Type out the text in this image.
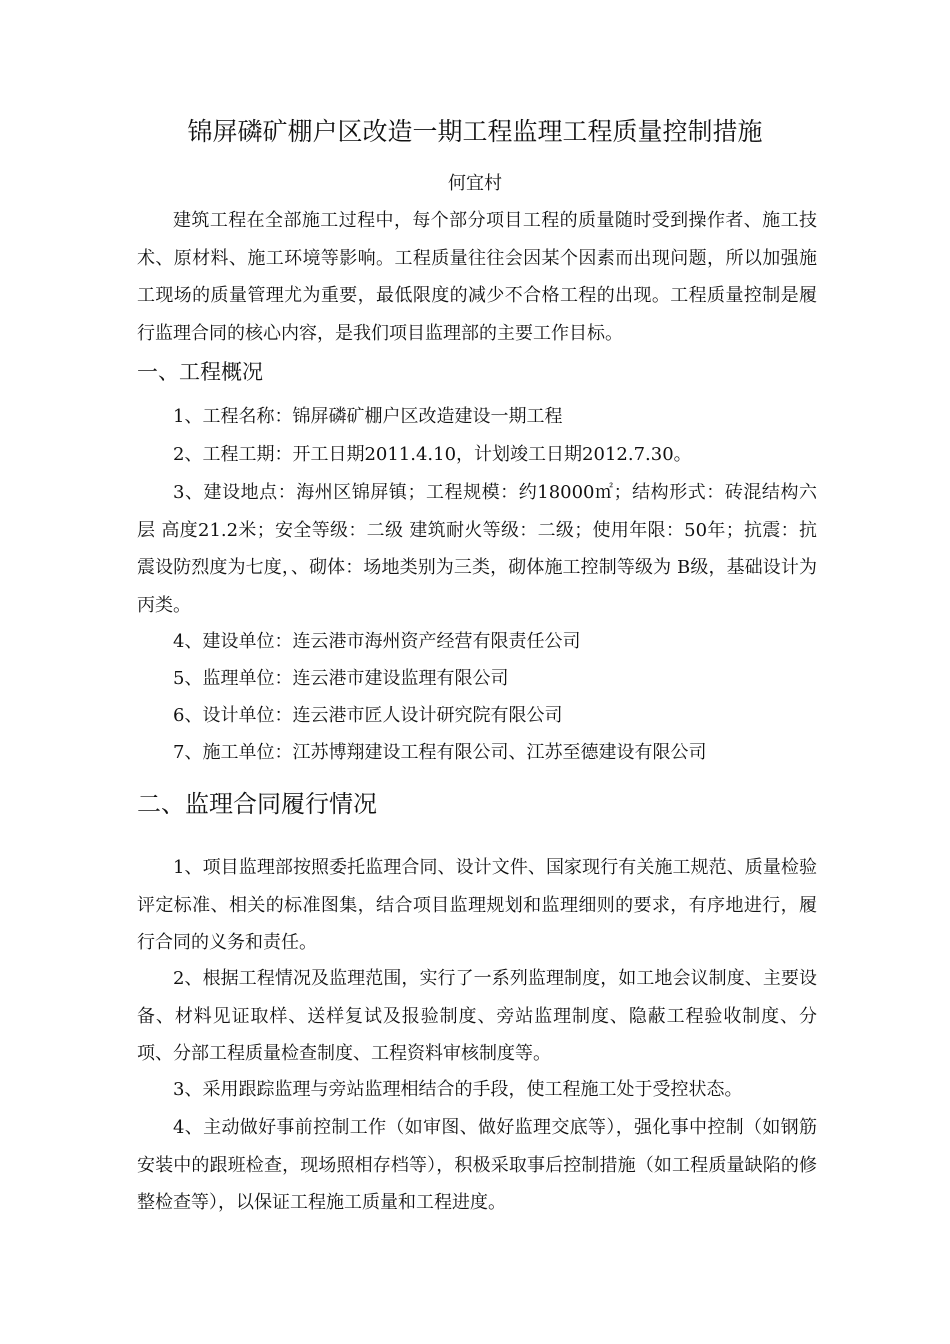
锦屏磷矿棚户区改造一期工程监理工程质量控制措施
何宜村

建筑工程在全部施工过程中，每个部分项目工程的质量随时受到操作者、施工技术、原材料、施工环境等影响。工程质量往往会因某个因素而出现问题，所以加强施工现场的质量管理尤为重要，最低限度的减少不合格工程的出现。工程质量控制是履行监理合同的核心内容，是我们项目监理部的主要工作目标。

一、工程概况

1、工程名称：锦屏磷矿棚户区改造建设一期工程

2、工程工期：开工日期2011.4.10，计划竣工日期2012.7.30。

3、建设地点：海州区锦屏镇；工程规模：约18000㎡；结构形式：砖混结构六层 高度21.2米；安全等级：二级 建筑耐火等级：二级；使用年限：50年；抗震：抗震设防烈度为七度，、砌体：场地类别为三类，砌体施工控制等级为 B级，基础设计为丙类。

4、建设单位：连云港市海州资产经营有限责任公司

5、监理单位：连云港市建设监理有限公司

6、设计单位：连云港市匠人设计研究院有限公司

7、施工单位：江苏博翔建设工程有限公司、江苏至德建设有限公司

二、监理合同履行情况

1、项目监理部按照委托监理合同、设计文件、国家现行有关施工规范、质量检验评定标准、相关的标准图集，结合项目监理规划和监理细则的要求，有序地进行，履行合同的义务和责任。

2、根据工程情况及监理范围，实行了一系列监理制度，如工地会议制度、主要设备、材料见证取样、送样复试及报验制度、旁站监理制度、隐蔽工程验收制度、分项、分部工程质量检查制度、工程资料审核制度等。

3、采用跟踪监理与旁站监理相结合的手段，使工程施工处于受控状态。

4、主动做好事前控制工作（如审图、做好监理交底等），强化事中控制（如钢筋安装中的跟班检查，现场照相存档等），积极采取事后控制措施（如工程质量缺陷的修整检查等），以保证工程施工质量和工程进度。
